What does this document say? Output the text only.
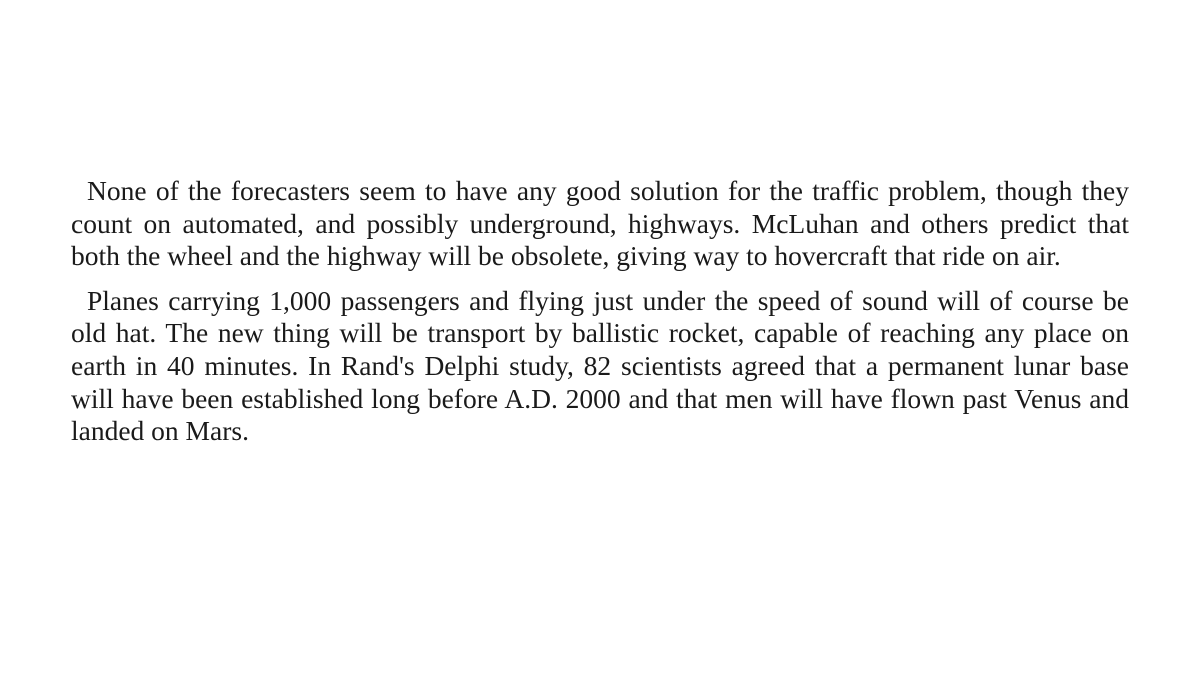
None of the forecasters seem to have any good solution for the traffic problem, though they count on automated, and possibly underground, highways. McLuhan and others predict that both the wheel and the highway will be obsolete, giving way to hovercraft that ride on air.

Planes carrying 1,000 passengers and flying just under the speed of sound will of course be old hat. The new thing will be transport by ballistic rocket, capable of reaching any place on earth in 40 minutes. In Rand's Delphi study, 82 scientists agreed that a permanent lunar base will have been established long before A.D. 2000 and that men will have flown past Venus and landed on Mars.
